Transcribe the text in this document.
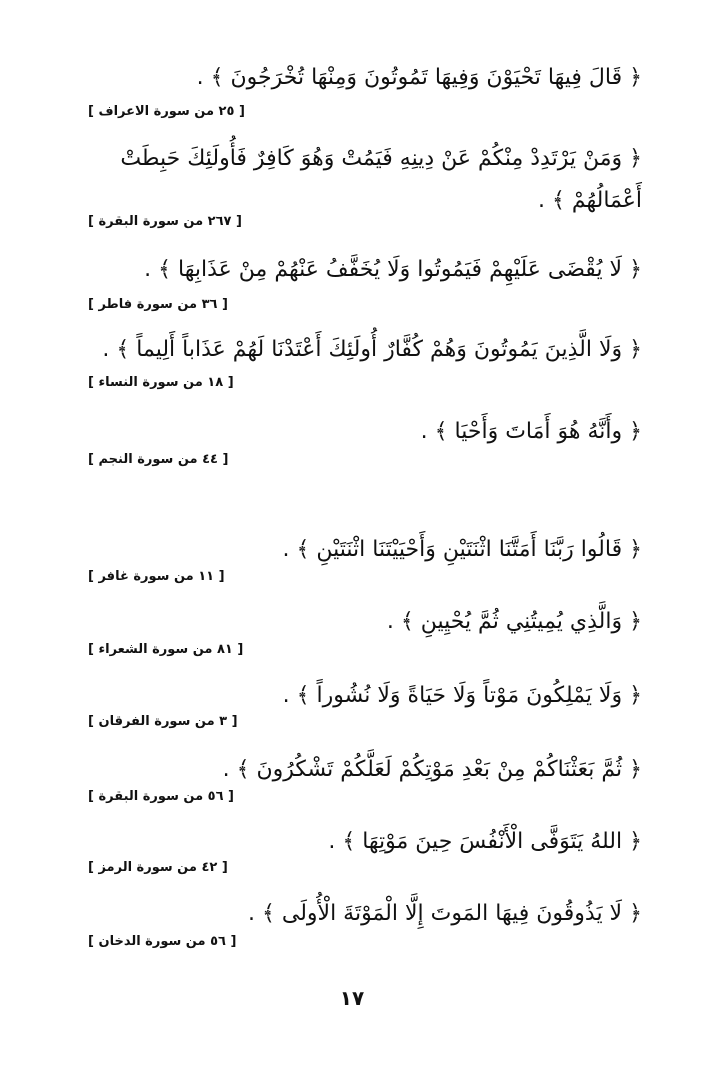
﴿ قَالَ فِيهَا تَحْيَوْنَ وَفِيهَا تَمُوتُونَ وَمِنْهَا تُخْرَجُونَ ﴾ .
[ ٢٥ من سورة الاعراف ]
﴿ وَمَنْ يَرْتَدِدْ مِنْكُمْ عَنْ دِينِهِ فَيَمُتْ وَهُوَ كَافِرٌ فَأُولَئِكَ حَبِطَتْ أَعْمَالُهُمْ ﴾ .
[ ٢٦٧ من سورة البقرة ]
﴿ لَا يُقْضَى عَلَيْهِمْ فَيَمُوتُوا وَلَا يُخَفَّفُ عَنْهُمْ مِنْ عَذَابِهَا ﴾ .
[ ٣٦ من سورة فاطر ]
﴿ وَلَا الَّذِينَ يَمُوتُونَ وَهُمْ كُفَّارٌ أُولَئِكَ أَعْتَدْنَا لَهُمْ عَذَاباً أَلِيماً ﴾ .
[ ١٨ من سورة النساء ]
﴿ وأَنَّهُ هُوَ أَمَاتَ وَأَحْيَا ﴾ .
[ ٤٤ من سورة النجم ]
﴿ قَالُوا رَبَّنَا أَمَتَّنَا اثْنَتَيْنِ وَأَحْيَيْتَنَا اثْنَتَيْنِ ﴾ .
[ ١١ من سورة غافر ]
﴿ وَالَّذِي يُمِيتُنِي ثُمَّ يُحْيِينِ ﴾ .
[ ٨١ من سورة الشعراء ]
﴿ وَلَا يَمْلِكُونَ مَوْتاً وَلَا حَيَاةً وَلَا نُشُوراً ﴾ .
[ ٣ من سورة الفرقان ]
﴿ ثُمَّ بَعَثْنَاكُمْ مِنْ بَعْدِ مَوْتِكُمْ لَعَلَّكُمْ تَشْكُرُونَ ﴾ .
[ ٥٦ من سورة البقرة ]
﴿ اللهُ يَتَوَفَّى الْأَنْفُسَ حِينَ مَوْتِهَا ﴾ .
[ ٤٢ من سورة الرمز ]
﴿ لَا يَذُوقُونَ فِيهَا المَوتَ إِلَّا الْمَوْتَةَ الْأُولَى ﴾ .
[ ٥٦ من سورة الدخان ]
١٧
